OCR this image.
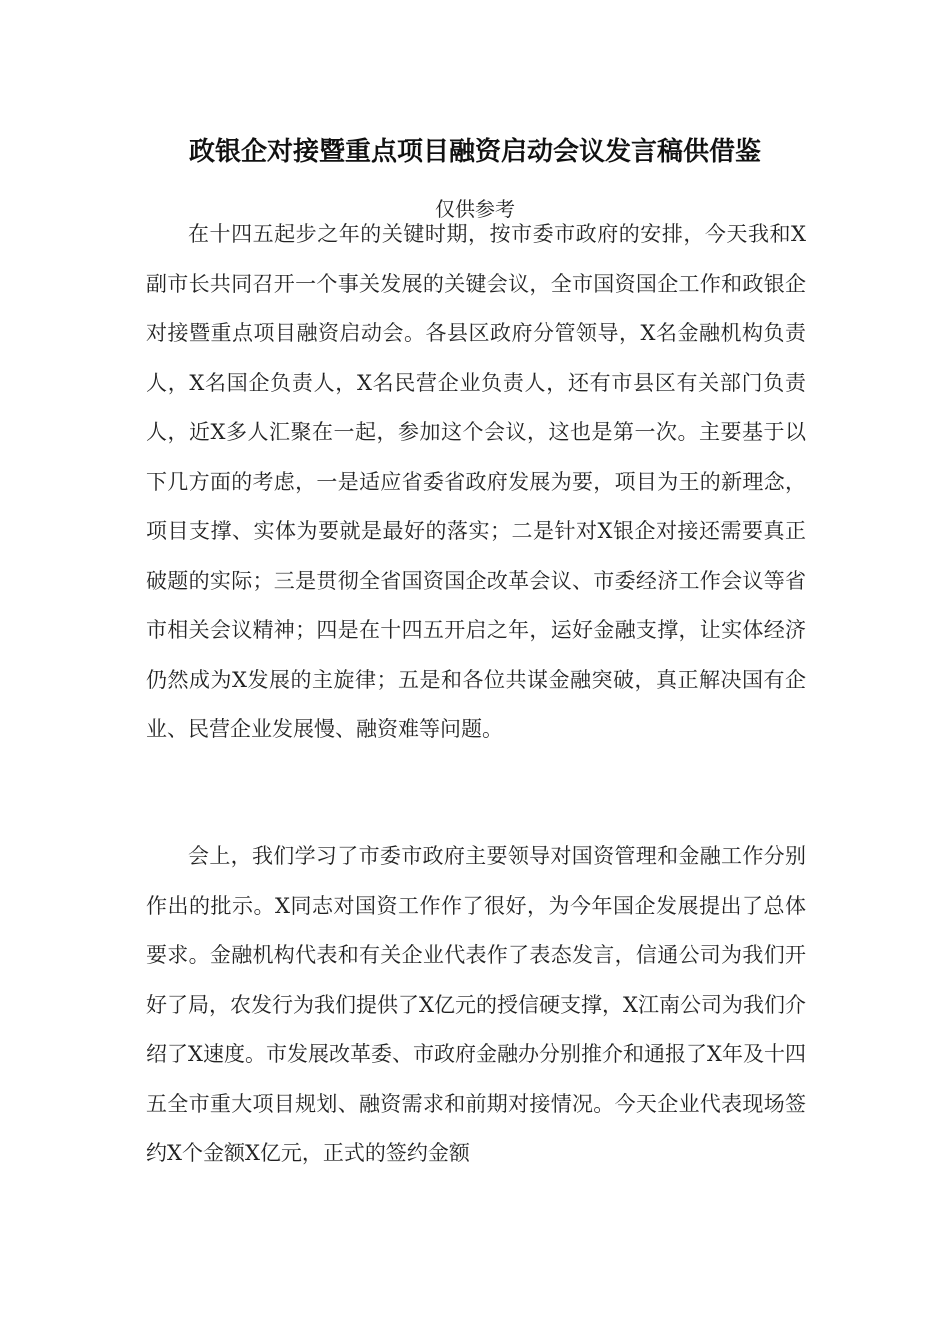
政银企对接暨重点项目融资启动会议发言稿供借鉴
仅供参考

在十四五起步之年的关键时期，按市委市政府的安排，今天我和X副市长共同召开一个事关发展的关键会议，全市国资国企工作和政银企对接暨重点项目融资启动会。各县区政府分管领导，X名金融机构负责人，X名国企负责人，X名民营企业负责人，还有市县区有关部门负责人，近X多人汇聚在一起，参加这个会议，这也是第一次。主要基于以下几方面的考虑，一是适应省委省政府发展为要，项目为王的新理念，项目支撑、实体为要就是最好的落实；二是针对X银企对接还需要真正破题的实际；三是贯彻全省国资国企改革会议、市委经济工作会议等省市相关会议精神；四是在十四五开启之年，运好金融支撑，让实体经济仍然成为X发展的主旋律；五是和各位共谋金融突破，真正解决国有企业、民营企业发展慢、融资难等问题。

会上，我们学习了市委市政府主要领导对国资管理和金融工作分别作出的批示。X同志对国资工作作了很好，为今年国企发展提出了总体要求。金融机构代表和有关企业代表作了表态发言，信通公司为我们开好了局，农发行为我们提供了X亿元的授信硬支撑，X江南公司为我们介绍了X速度。市发展改革委、市政府金融办分别推介和通报了X年及十四五全市重大项目规划、融资需求和前期对接情况。今天企业代表现场签约X个金额X亿元，正式的签约金额
